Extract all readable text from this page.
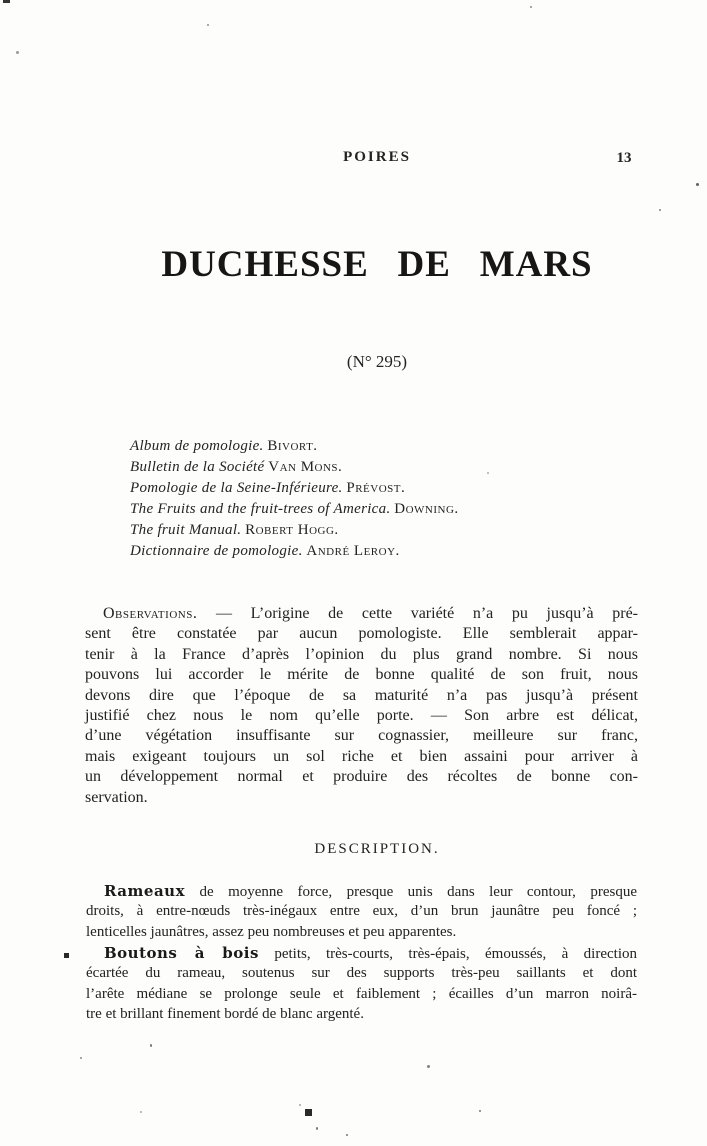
POIRES	13
DUCHESSE DE MARS
(N° 295)
Album de pomologie. Bivort.
Bulletin de la Société Van Mons.
Pomologie de la Seine-Inférieure. Prévost.
The Fruits and the fruit-trees of America. Downing.
The fruit Manual. Robert Hogg.
Dictionnaire de pomologie. André Leroy.
Observations. — L’origine de cette variété n’a pu jusqu’à pré-
sent être constatée par aucun pomologiste. Elle semblerait appar-
tenir à la France d’après l’opinion du plus grand nombre. Si nous
pouvons lui accorder le mérite de bonne qualité de son fruit, nous
devons dire que l’époque de sa maturité n’a pas jusqu’à présent
justifié chez nous le nom qu’elle porte. — Son arbre est délicat,
d’une végétation insuffisante sur cognassier, meilleure sur franc,
mais exigeant toujours un sol riche et bien assaini pour arriver à
un développement normal et produire des récoltes de bonne con-
servation.
DESCRIPTION.
Rameaux de moyenne force, presque unis dans leur contour, presque
droits, à entre-nœuds très-inégaux entre eux, d’un brun jaunâtre peu foncé ;
lenticelles jaunâtres, assez peu nombreuses et peu apparentes.
Boutons à bois petits, très-courts, très-épais, émoussés, à direction
écartée du rameau, soutenus sur des supports très-peu saillants et dont
l’arête médiane se prolonge seule et faiblement ; écailles d’un marron noirâ-
tre et brillant finement bordé de blanc argenté.
